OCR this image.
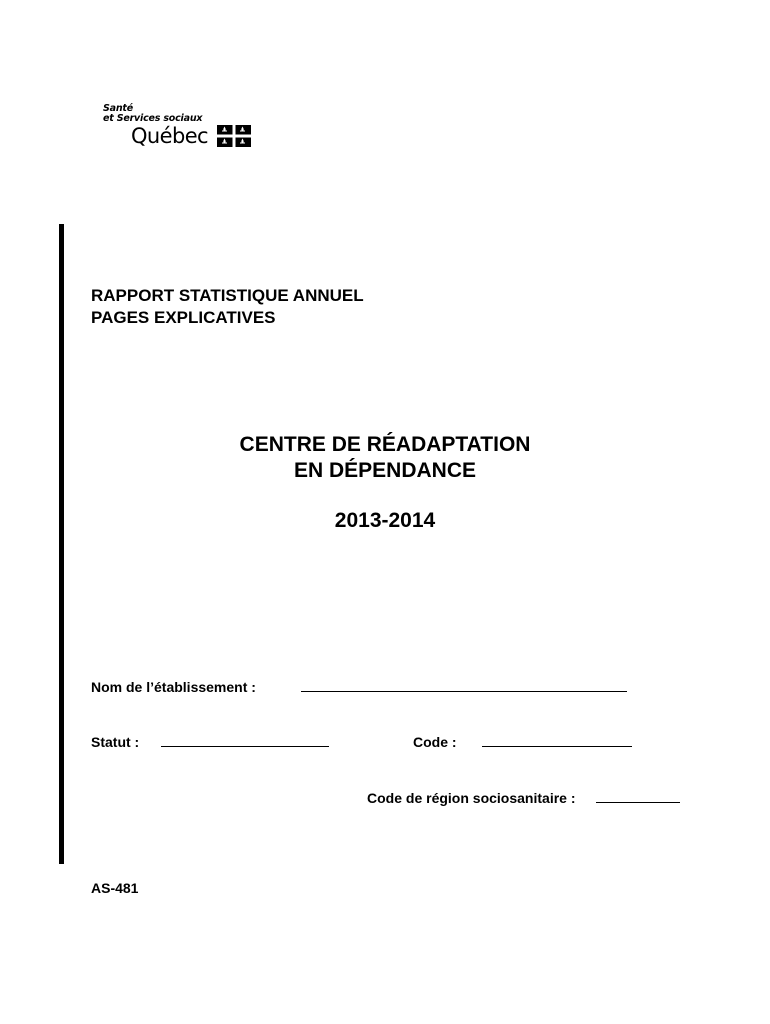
Santé
et Services sociaux
Québec
RAPPORT STATISTIQUE ANNUEL
PAGES EXPLICATIVES
CENTRE DE RÉADAPTATION
EN DÉPENDANCE
2013-2014
Nom de l’établissement :
Statut :	Code :
Code de région sociosanitaire :
AS-481
